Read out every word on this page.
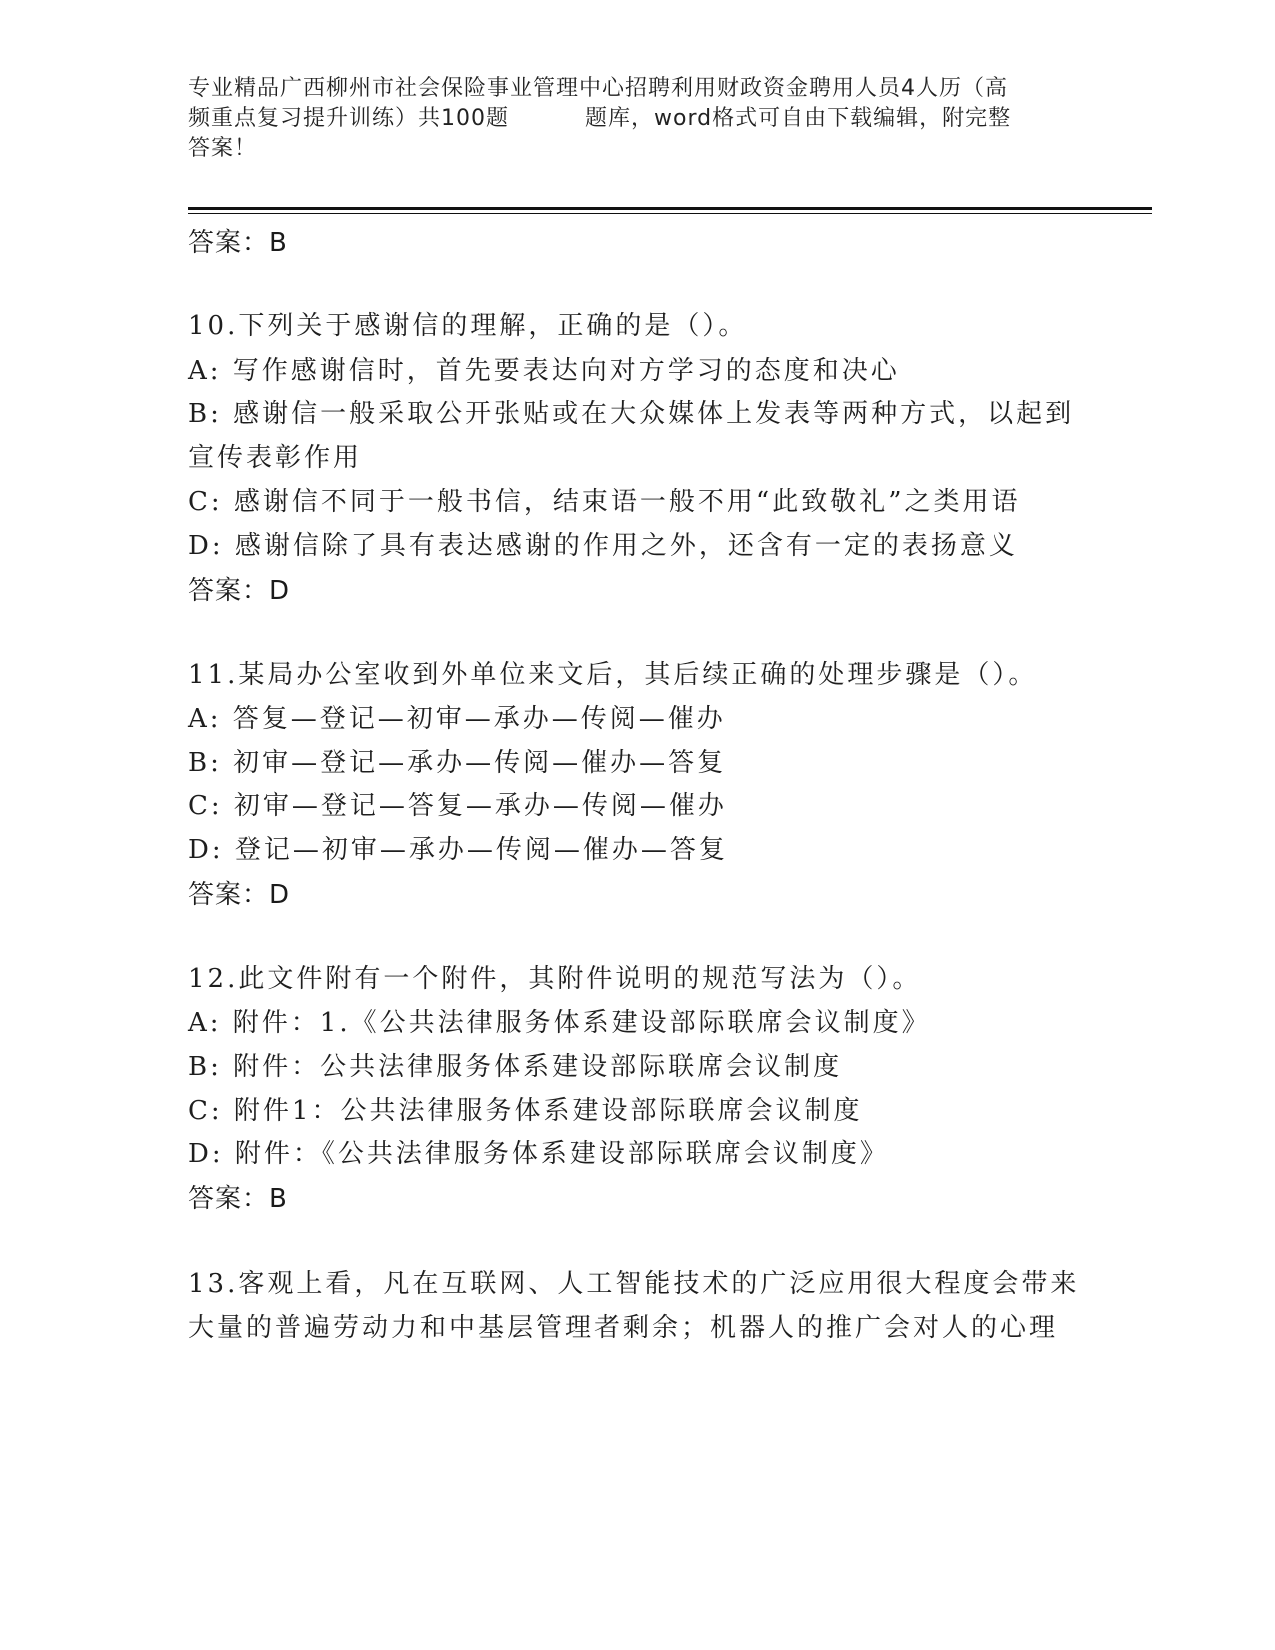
专业精品广西柳州市社会保险事业管理中心招聘利用财政资金聘用人员4人历（高
频重点复习提升训练）共100题	题库，word格式可自由下载编辑，附完整
答案！
答案：B
10.下列关于感谢信的理解，正确的是（）。
A: 写作感谢信时，首先要表达向对方学习的态度和决心
B: 感谢信一般采取公开张贴或在大众媒体上发表等两种方式，以起到
宣传表彰作用
C: 感谢信不同于一般书信，结束语一般不用“此致敬礼”之类用语
D: 感谢信除了具有表达感谢的作用之外，还含有一定的表扬意义
答案：D
11.某局办公室收到外单位来文后，其后续正确的处理步骤是（）。
A: 答复—登记—初审—承办—传阅—催办
B: 初审—登记—承办—传阅—催办—答复
C: 初审—登记—答复—承办—传阅—催办
D: 登记—初审—承办—传阅—催办—答复
答案：D
12.此文件附有一个附件，其附件说明的规范写法为（）。
A: 附件：1.《公共法律服务体系建设部际联席会议制度》
B: 附件：公共法律服务体系建设部际联席会议制度
C: 附件1：公共法律服务体系建设部际联席会议制度
D: 附件：《公共法律服务体系建设部际联席会议制度》
答案：B
13.客观上看，凡在互联网、人工智能技术的广泛应用很大程度会带来
大量的普遍劳动力和中基层管理者剩余；机器人的推广会对人的心理
